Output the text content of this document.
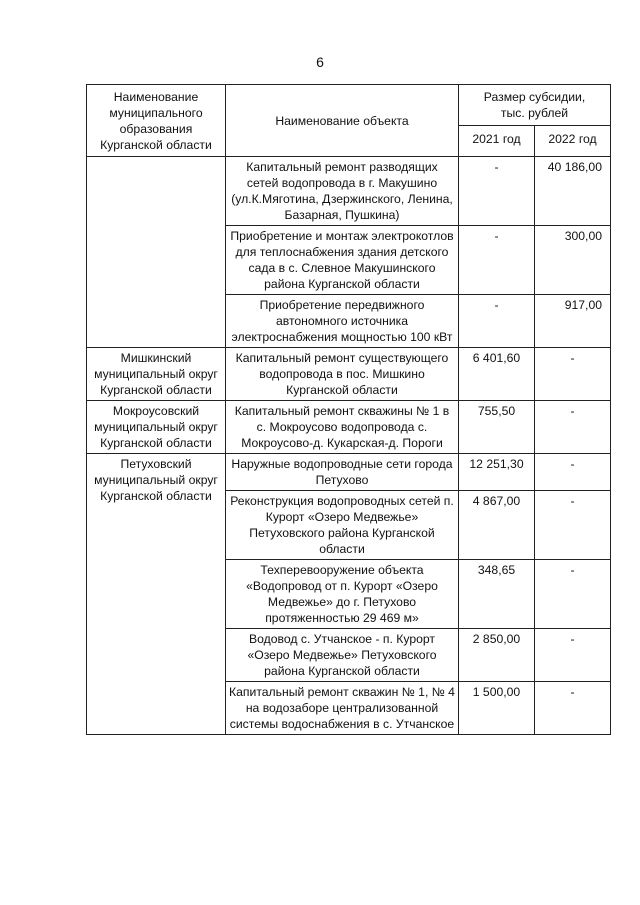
6
Наименование муниципального образования Курганской области	Наименование объекта	Размер субсидии, тыс. рублей	
		2021 год	2022 год
	Капитальный ремонт разводящих сетей водопровода в г. Макушино (ул.К.Мяготина, Дзержинского, Ленина, Базарная, Пушкина)	-	40 186,00
	Приобретение и монтаж электрокотлов для теплоснабжения здания детского сада в с. Слевное Макушинского района Курганской области	-	300,00
	Приобретение передвижного автономного источника электроснабжения мощностью 100 кВт	-	917,00
Мишкинский муниципальный округ Курганской области	Капитальный ремонт существующего водопровода в пос. Мишкино Курганской области	6 401,60	-
Мокроусовский муниципальный округ Курганской области	Капитальный ремонт скважины № 1 в с. Мокроусово водопровода с. Мокроусово-д. Кукарская-д. Пороги	755,50	-
Петуховский муниципальный округ Курганской области	Наружные водопроводные сети города Петухово	12 251,30	-
	Реконструкция водопроводных сетей п. Курорт «Озеро Медвежье» Петуховского района Курганской области	4 867,00	-
	Техперевооружение объекта «Водопровод от п. Курорт «Озеро Медвежье» до г. Петухово протяженностью 29 469 м»	348,65	-
	Водовод с. Утчанское - п. Курорт «Озеро Медвежье» Петуховского района Курганской области	2 850,00	-
	Капитальный ремонт скважин № 1, № 4 на водозаборе централизованной системы водоснабжения в с. Утчанское	1 500,00	-
